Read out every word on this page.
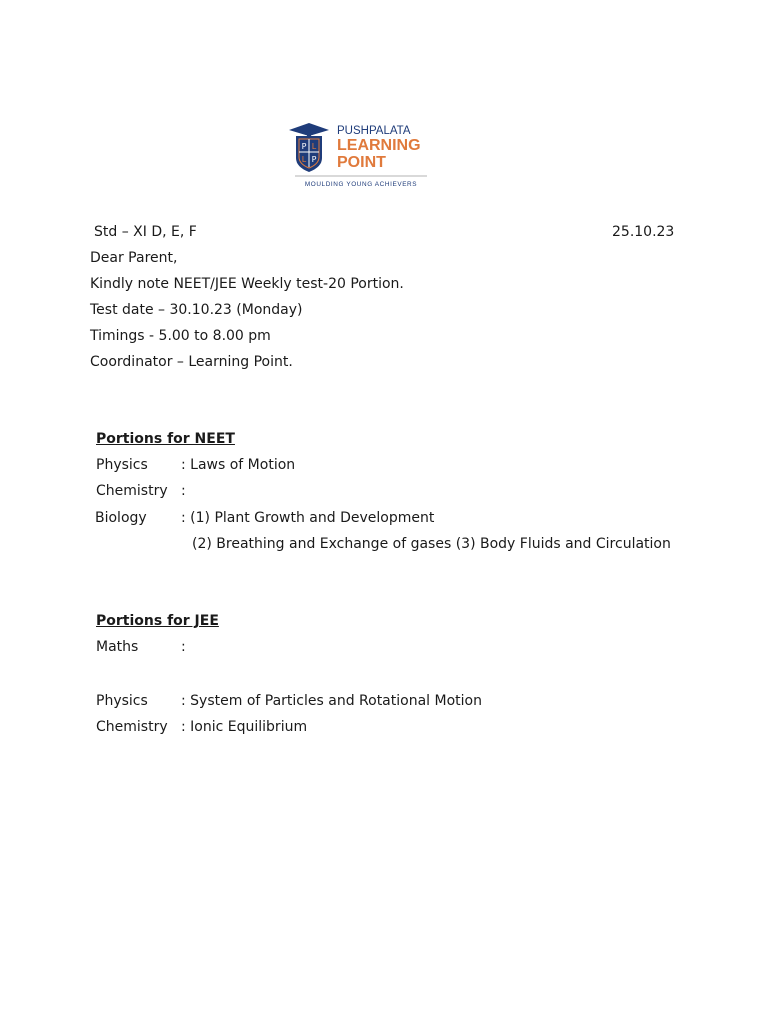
P L
L P
PUSHPALATA
LEARNING
POINT
MOULDING YOUNG ACHIEVERS
Std – XI D, E, F	25.10.23
Dear Parent,
Kindly note NEET/JEE Weekly test-20 Portion.
Test date – 30.10.23 (Monday)
Timings - 5.00 to 8.00 pm
Coordinator – Learning Point.
Portions for NEET
Physics : Laws of Motion
Chemistry :
Biology : (1) Plant Growth and Development
(2) Breathing and Exchange of gases (3) Body Fluids and Circulation
Portions for JEE
Maths	:
Physics : System of Particles and Rotational Motion
Chemistry : Ionic Equilibrium
